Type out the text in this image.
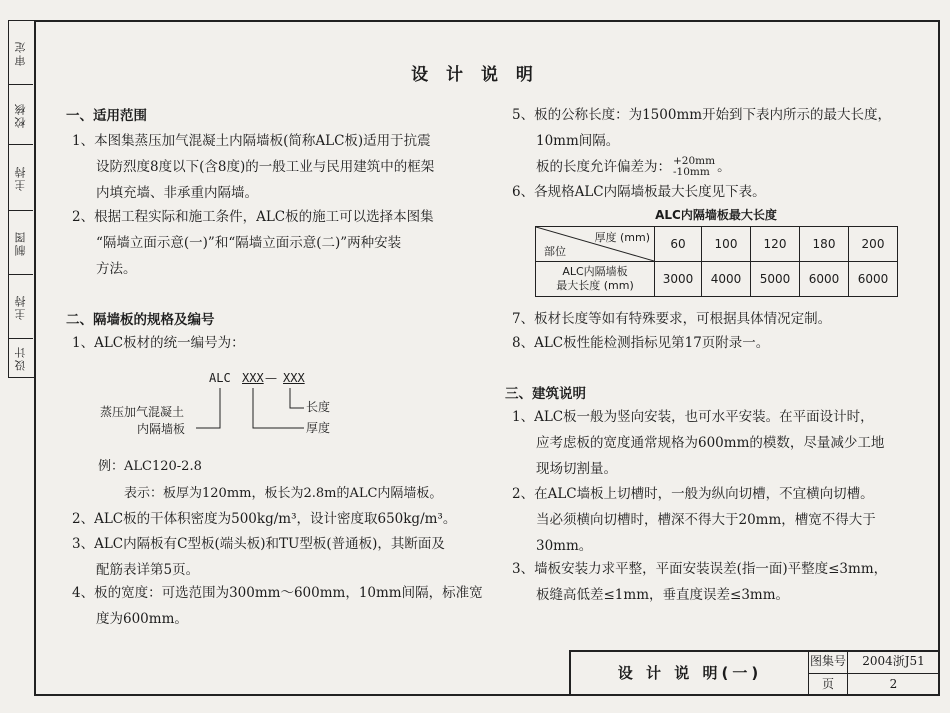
审定
校核
主持
制图
主持
设计
设 计 说 明
一、适用范围
1、本图集蒸压加气混凝土内隔墙板(简称ALC板)适用于抗震
设防烈度8度以下(含8度)的一般工业与民用建筑中的框架
内填充墙、非承重内隔墙。
2、根据工程实际和施工条件，ALC板的施工可以选择本图集
“隔墙立面示意(一)”和“隔墙立面示意(二)”两种安装
方法。
二、隔墙板的规格及编号
1、ALC板材的统一编号为：
ALC XXX — XXX
长度
厚度
蒸压加气混凝土
内隔墙板
例：ALC120-2.8
表示：板厚为120mm，板长为2.8m的ALC内隔墙板。
2、ALC板的干体积密度为500kg/m³，设计密度取650kg/m³。
3、ALC内隔板有C型板(端头板)和TU型板(普通板)，其断面及
配筋表详第5页。
4、板的宽度：可选范围为300mm～600mm，10mm间隔，标准宽
度为600mm。
5、板的公称长度：为1500mm开始到下表内所示的最大长度，
10mm间隔。
板的长度允许偏差为： +20mm
-10mm 。
6、各规格ALC内隔墙板最大长度见下表。
ALC内隔墙板最大长度
厚度 (mm)
部位	60	100	120	180	200

ALC内隔墙板
最大长度 (mm)	3000	4000	5000	6000	6000
7、板材长度等如有特殊要求，可根据具体情况定制。
8、ALC板性能检测指标见第17页附录一。
三、建筑说明
1、ALC板一般为竖向安装，也可水平安装。在平面设计时，
应考虑板的宽度通常规格为600mm的模数，尽量减少工地
现场切割量。
2、在ALC墙板上切槽时，一般为纵向切槽，不宜横向切槽。
当必须横向切槽时，槽深不得大于20mm，槽宽不得大于
30mm。
3、墙板安装力求平整，平面安装误差(指一面)平整度≤3mm，
板缝高低差≤1mm，垂直度误差≤3mm。
设 计 说 明(一)
图集号	2004浙J51
页	2
